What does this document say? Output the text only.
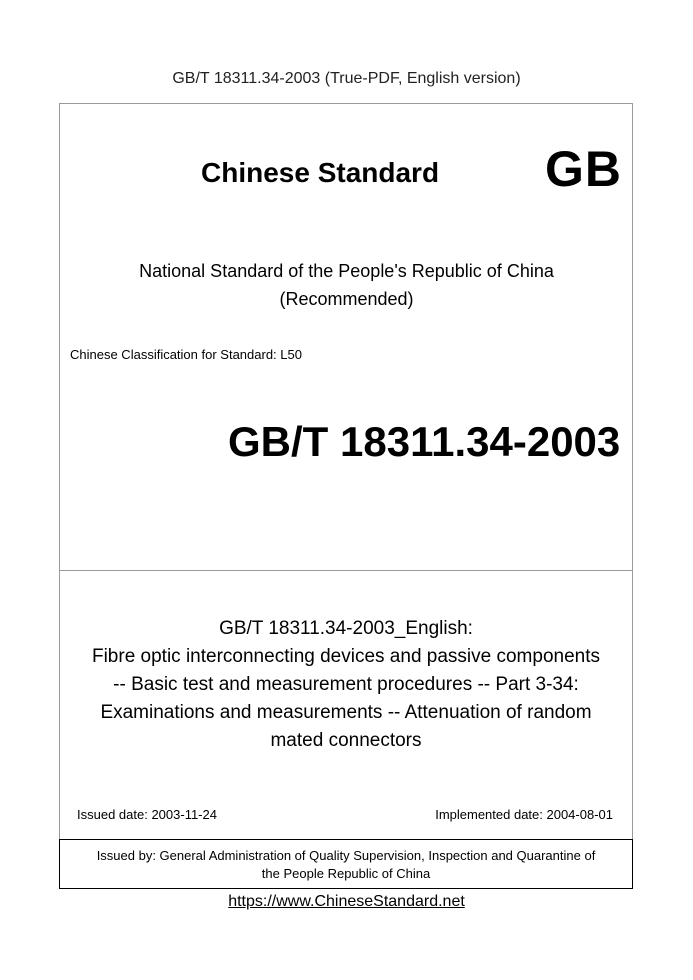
GB/T 18311.34-2003 (True-PDF, English version)
Chinese Standard GB
National Standard of the People's Republic of China
(Recommended)
Chinese Classification for Standard: L50
GB/T 18311.34-2003
GB/T 18311.34-2003_English:
Fibre optic interconnecting devices and passive components
-- Basic test and measurement procedures -- Part 3-34:
Examinations and measurements -- Attenuation of random
mated connectors
Issued date: 2003-11-24	Implemented date: 2004-08-01
Issued by: General Administration of Quality Supervision, Inspection and Quarantine of
the People Republic of China
https://www.ChineseStandard.net
